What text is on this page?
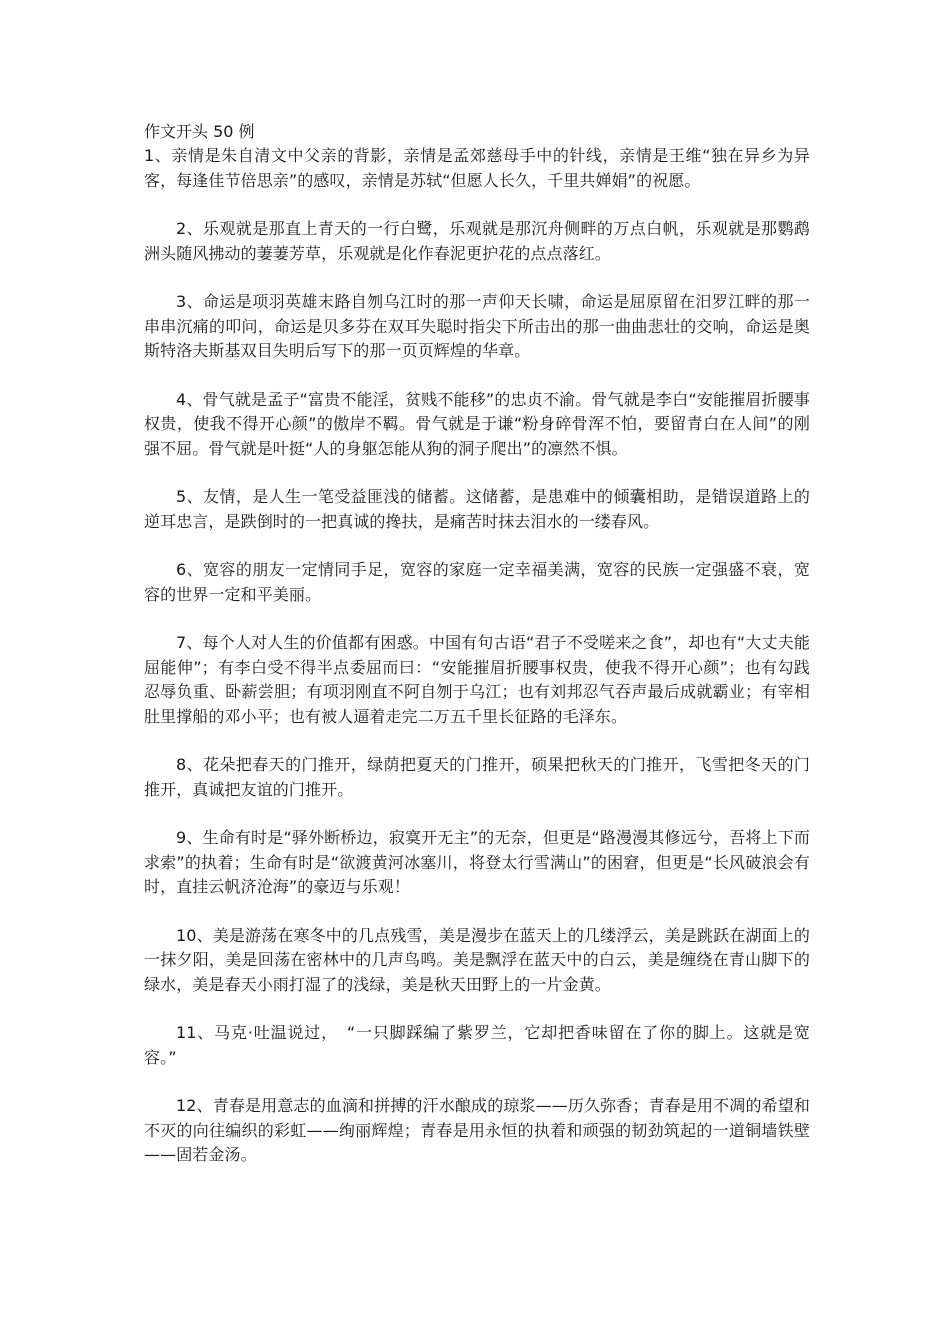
作文开头 50 例

1、亲情是朱自清文中父亲的背影，亲情是孟郊慈母手中的针线，亲情是王维“独在异乡为异客，每逢佳节倍思亲”的感叹，亲情是苏轼“但愿人长久，千里共婵娟”的祝愿。

2、乐观就是那直上青天的一行白鹭，乐观就是那沉舟侧畔的万点白帆，乐观就是那鹦鹉洲头随风拂动的萋萋芳草，乐观就是化作春泥更护花的点点落红。

3、命运是项羽英雄末路自刎乌江时的那一声仰天长啸，命运是屈原留在汨罗江畔的那一串串沉痛的叩问，命运是贝多芬在双耳失聪时指尖下所击出的那一曲曲悲壮的交响，命运是奥斯特洛夫斯基双目失明后写下的那一页页辉煌的华章。

4、骨气就是孟子“富贵不能淫，贫贱不能移”的忠贞不渝。骨气就是李白“安能摧眉折腰事权贵，使我不得开心颜”的傲岸不羁。骨气就是于谦“粉身碎骨浑不怕，要留青白在人间”的刚强不屈。骨气就是叶挺“人的身躯怎能从狗的洞子爬出”的凛然不惧。

5、友情，是人生一笔受益匪浅的储蓄。这储蓄，是患难中的倾囊相助，是错误道路上的逆耳忠言，是跌倒时的一把真诚的搀扶，是痛苦时抹去泪水的一缕春风。

6、宽容的朋友一定情同手足，宽容的家庭一定幸福美满，宽容的民族一定强盛不衰，宽容的世界一定和平美丽。

7、每个人对人生的价值都有困惑。中国有句古语“君子不受嗟来之食”，却也有“大丈夫能屈能伸”；有李白受不得半点委屈而曰：“安能摧眉折腰事权贵，使我不得开心颜”；也有勾践忍辱负重、卧薪尝胆；有项羽刚直不阿自刎于乌江；也有刘邦忍气吞声最后成就霸业；有宰相肚里撑船的邓小平；也有被人逼着走完二万五千里长征路的毛泽东。

8、花朵把春天的门推开，绿荫把夏天的门推开，硕果把秋天的门推开，飞雪把冬天的门推开，真诚把友谊的门推开。

9、生命有时是“驿外断桥边，寂寞开无主”的无奈，但更是“路漫漫其修远兮，吾将上下而求索”的执着；生命有时是“欲渡黄河冰塞川，将登太行雪满山”的困窘，但更是“长风破浪会有时，直挂云帆济沧海”的豪迈与乐观！

10、美是游荡在寒冬中的几点残雪，美是漫步在蓝天上的几缕浮云，美是跳跃在湖面上的一抹夕阳，美是回荡在密林中的几声鸟鸣。美是飘浮在蓝天中的白云，美是缠绕在青山脚下的绿水，美是春天小雨打湿了的浅绿，美是秋天田野上的一片金黄。

11、马克·吐温说过，　“一只脚踩编了紫罗兰，它却把香味留在了你的脚上。这就是宽容。”

12、青春是用意志的血滴和拼搏的汗水酿成的琼浆——历久弥香；青春是用不凋的希望和不灭的向往编织的彩虹——绚丽辉煌；青春是用永恒的执着和顽强的韧劲筑起的一道铜墙铁壁——固若金汤。
